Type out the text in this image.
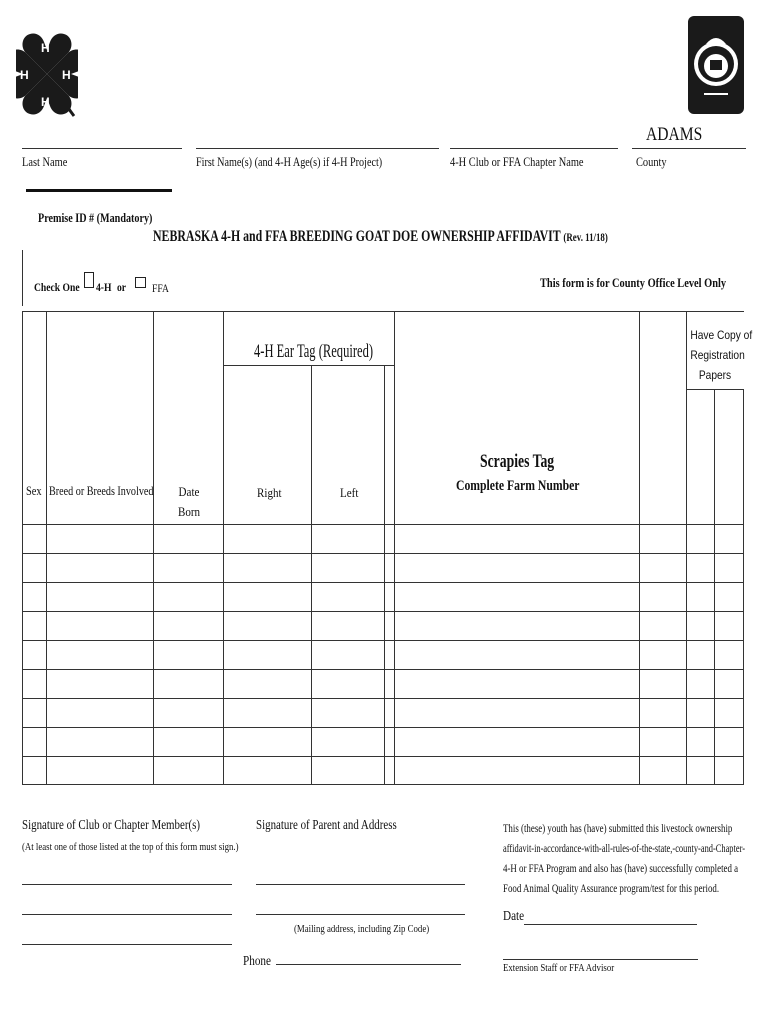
H
H
H	H
ADAMS
Last Name	First Name(s) (and 4-H Age(s) if 4-H Project)	4-H Club or FFA Chapter Name	County
Premise ID # (Mandatory)
NEBRASKA 4-H and FFA BREEDING GOAT DOE OWNERSHIP AFFIDAVIT (Rev. 11/18)
Check One	4-H or FFA	This form is for County Office Level Only
Sex Breed or Breeds Involved	Date
Born
4-H Ear Tag (Required)
Right	Left
Scrapies Tag
Complete Farm Number
Have Copy of
Registration
Papers
Signature of Club or Chapter Member(s)
(At least one of those listed at the top of this form must sign.)
Signature of Parent and Address
(Mailing address, including Zip Code)
Phone
This (these) youth has (have) submitted this livestock ownership
affidavit-in-accordance-with-all-rules-of-the-state,-county-and-Chapter-
4-H or FFA Program and also has (have) successfully completed a
Food Animal Quality Assurance program/test for this period.
Date
Extension Staff or FFA Advisor
